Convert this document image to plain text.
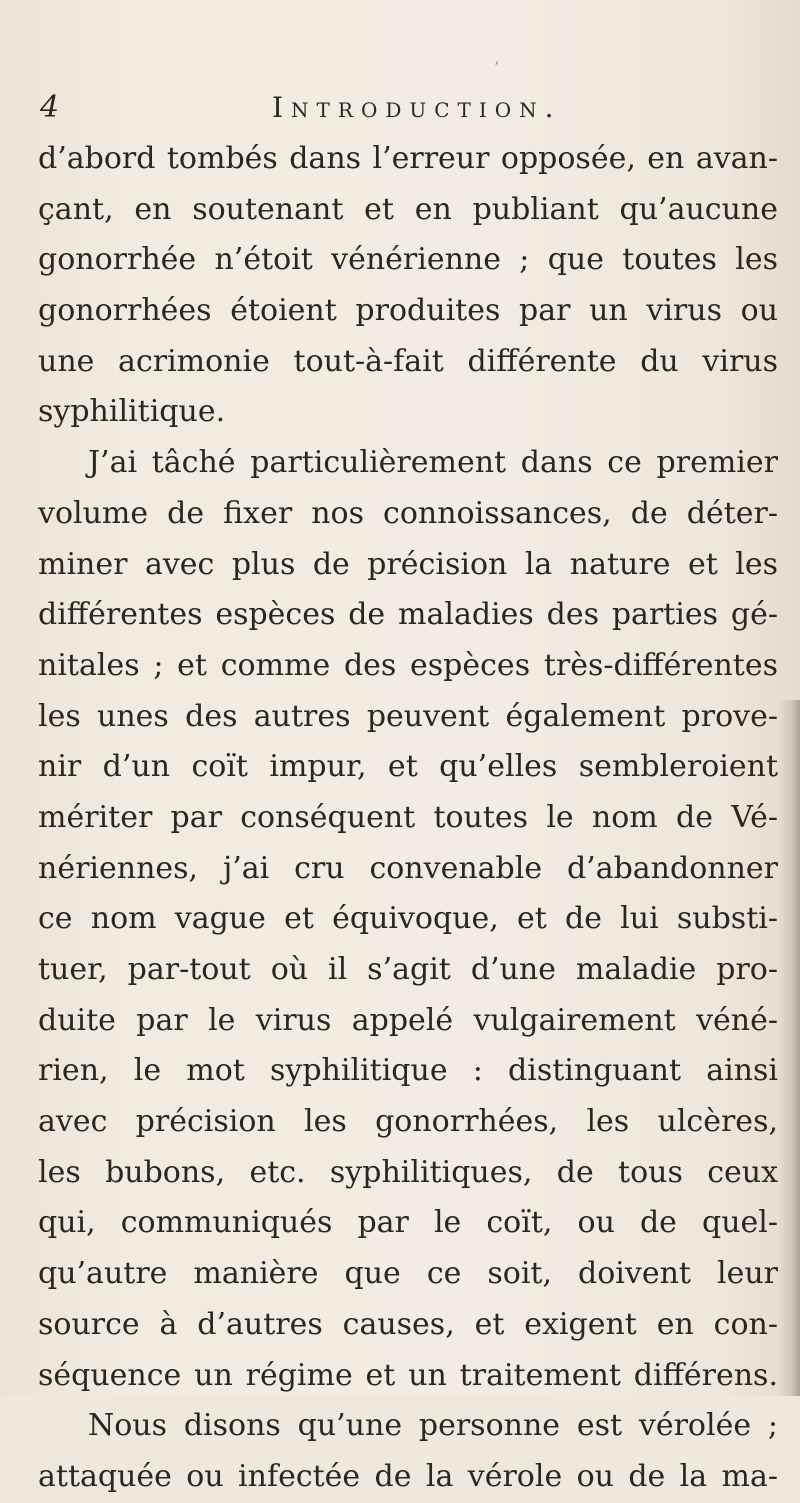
ʼ
4	Introduction.
d’abord tombés dans l’erreur opposée, en avan-
çant, en soutenant et en publiant qu’aucune
gonorrhée n’étoit vénérienne ; que toutes les
gonorrhées étoient produites par un virus ou
une acrimonie tout-à-fait différente du virus
syphilitique.
J’ai tâché particulièrement dans ce premier
volume de fixer nos connoissances, de déter-
miner avec plus de précision la nature et les
différentes espèces de maladies des parties gé-
nitales ; et comme des espèces très-différentes
les unes des autres peuvent également prove-
nir d’un coït impur, et qu’elles sembleroient
mériter par conséquent toutes le nom de Vé-
nériennes, j’ai cru convenable d’abandonner
ce nom vague et équivoque, et de lui substi-
tuer, par-tout où il s’agit d’une maladie pro-
duite par le virus appelé vulgairement véné-
rien, le mot syphilitique : distinguant ainsi
avec précision les gonorrhées, les ulcères,
les bubons, etc. syphilitiques, de tous ceux
qui, communiqués par le coït, ou de quel-
qu’autre manière que ce soit, doivent leur
source à d’autres causes, et exigent en con-
séquence un régime et un traitement différens.
Nous disons qu’une personne est vérolée ;
attaquée ou infectée de la vérole ou de la ma-
